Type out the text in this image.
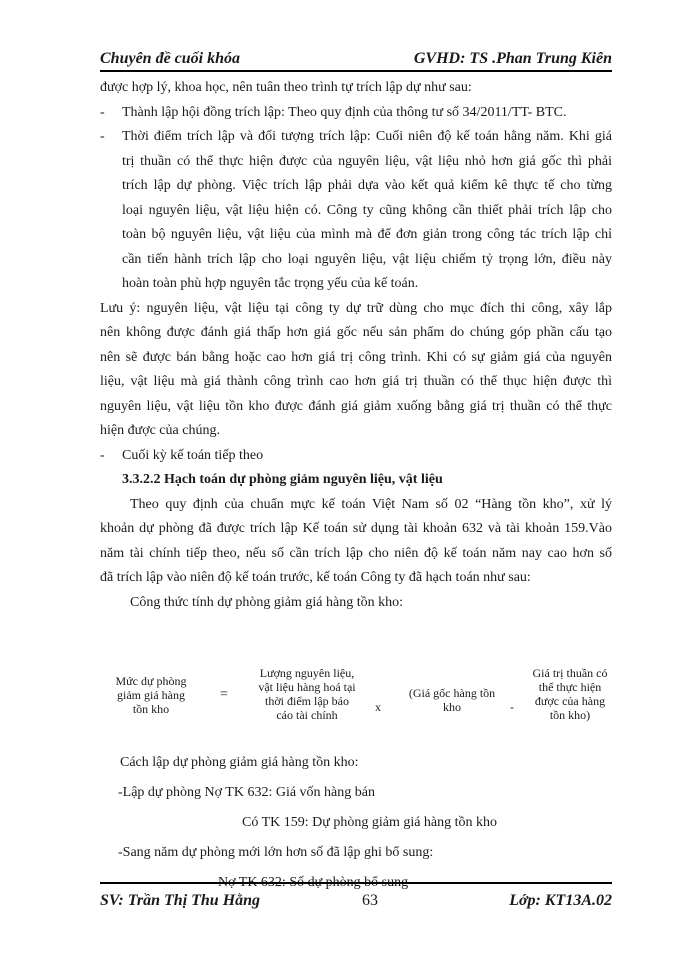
Chuyên đề cuối khóa	GVHD: TS .Phan Trung Kiên
được hợp lý, khoa học, nên tuân theo trình tự trích lập dự như sau:
- Thành lập hội đồng trích lập: Theo quy định của thông tư số 34/2011/TT- BTC.
- Thời điểm trích lập và đối tượng trích lập: Cuối niên độ kế toán hằng năm. Khi giá
trị thuần có thể thực hiện được của nguyên liệu, vật liệu nhỏ hơn giá gốc thì phải
trích lập dự phòng. Việc trích lập phải dựa vào kết quả kiểm kê thực tế cho từng
loại nguyên liệu, vật liệu hiện có. Công ty cũng không cần thiết phải trích lập cho
toàn bộ nguyên liệu, vật liệu của mình mà để đơn giản trong công tác trích lập chỉ
cần tiến hành trích lập cho loại nguyên liệu, vật liệu chiếm tỷ trọng lớn, điều này
hoàn toàn phù hợp nguyên tắc trọng yếu của kế toán.
Lưu ý: nguyên liệu, vật liệu tại công ty dự trữ dùng cho mục đích thi công, xây lắp
nên không được đánh giá thấp hơn giá gốc nếu sản phẩm do chúng góp phần cấu tạo
nên sẽ được bán bằng hoặc cao hơn giá trị công trình. Khi có sự giảm giá của nguyên
liệu, vật liệu mà giá thành công trình cao hơn giá trị thuần có thể thục hiện được thì
nguyên liệu, vật liệu tồn kho được đánh giá giảm xuống bằng giá trị thuần có thể thực
hiện được của chúng.
- Cuối kỳ kế toán tiếp theo
3.3.2.2 Hạch toán dự phòng giảm nguyên liệu, vật liệu
Theo quy định của chuẩn mực kế toán Việt Nam số 02 “Hàng tồn kho”, xử lý
khoản dự phòng đã được trích lập Kế toán sử dụng tài khoản 632 và tài khoản 159.Vào
năm tài chính tiếp theo, nếu số cần trích lập cho niên độ kế toán năm nay cao hơn số
đã trích lập vào niên độ kế toán trước, kế toán Công ty đã hạch toán như sau:
Công thức tính dự phòng giảm giá hàng tồn kho:
Mức dự phòng
giảm giá hàng
tồn kho
=
Lượng nguyên liệu,
vật liệu hàng hoá tại
thời điểm lập báo
cáo tài chính
x
(Giá gốc hàng tồn
kho	-
Giá trị thuần có
thể thực hiện
được của hàng
tồn kho)
Cách lập dự phòng giảm giá hàng tồn kho:
-Lập dự phòng Nợ TK 632: Giá vốn hàng bán
Có TK 159: Dự phòng giảm giá hàng tồn kho
-Sang năm dự phòng mới lớn hơn số đã lập ghi bổ sung:
Nợ TK 632: Số dự phòng bổ sung
SV: Trần Thị Thu Hằng	63	Lớp: KT13A.02
